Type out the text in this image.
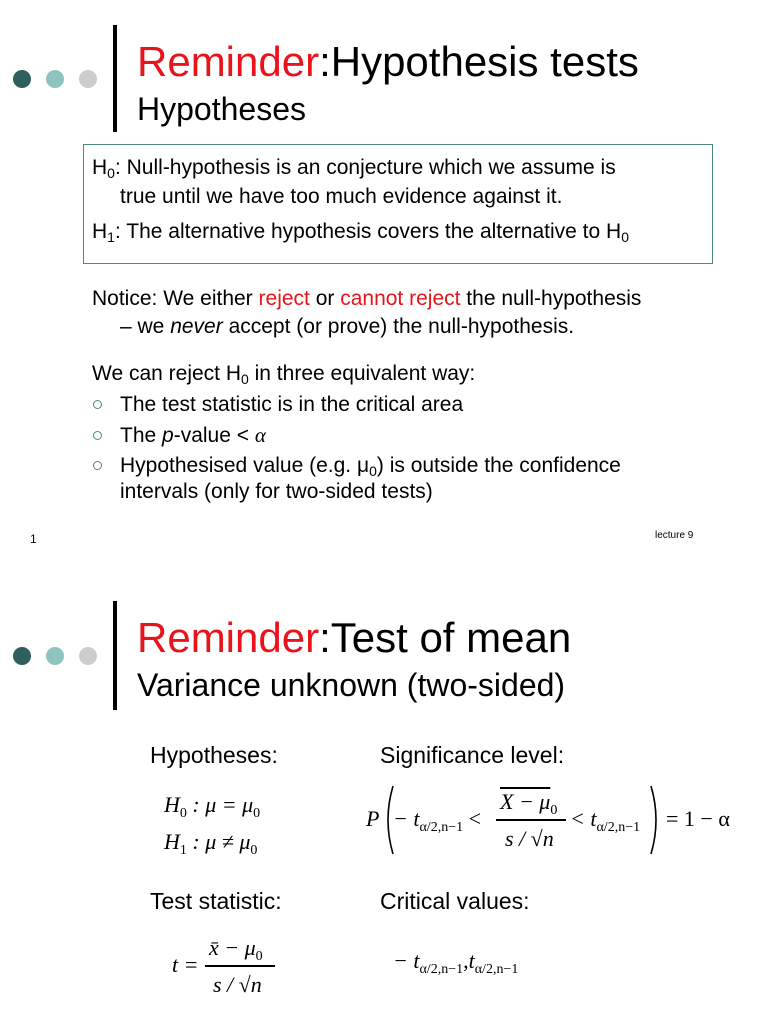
Reminder:Hypothesis tests
Hypotheses
$H_0$: Null-hypothesis is an conjecture which we assume is
true until we have too much evidence against it.
$H_1$: The alternative hypothesis covers the alternative to $H_0$
Notice: We either reject or cannot reject the null-hypothesis
– we never accept (or prove) the null-hypothesis.
We can reject $H_0$ in three equivalent way:
The test statistic is in the critical area
The p-value < α
Hypothesised value (e.g. $\mu_0$) is outside the confidence
intervals (only for two-sided tests)
1	lecture 9
Reminder:Test of mean
Variance unknown (two-sided)
Hypotheses:	Significance level:
$H_0$ : $\mu = \mu_0$
$H_1$ : $\mu \ne \mu_0$
$P - t_{\alpha/2,n-1}$ <
$X - \mu_0$
s / √n
< $t_{\alpha/2,n-1} = 1 - \alpha$
Test statistic:	Critical values:
t =
x̄ − $\mu_0$
s / √n
− $t_{\alpha/2,n-1},t_{\alpha/2,n-1}$
